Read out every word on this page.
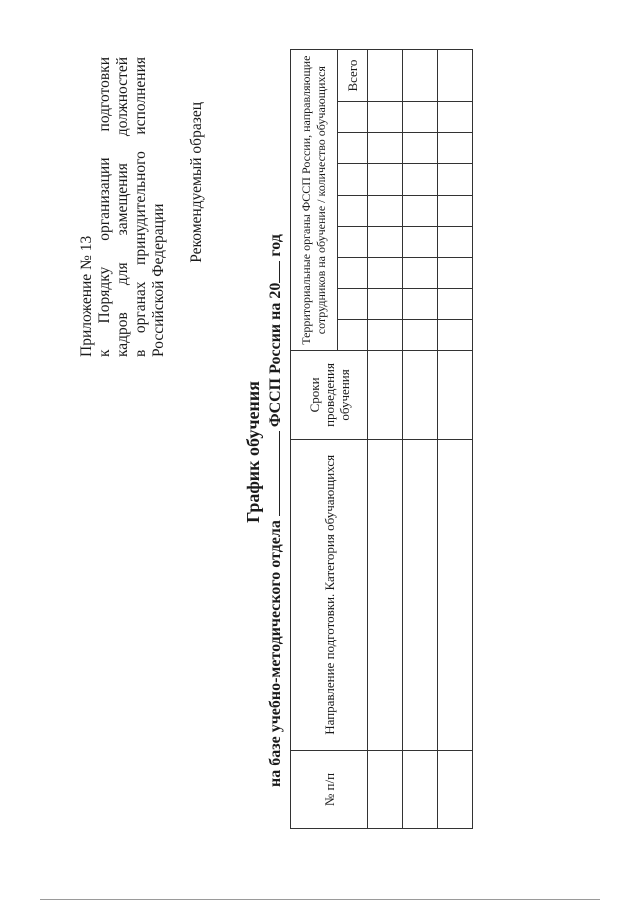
Приложение № 13 к Порядку организации подготовки кадров для замещения должностей в органах принудительного исполнения Российской Федерации
Рекомендуемый образец
График обучения
на базе учебно-методического отдела  ФССП России на 20 год
№ п/п	Направление подготовки. Категория обучающихся	Сроки проведения обучения	Территориальные органы ФССП России, направляющие сотрудников на обучение / количество обучающихся								
											Всего
